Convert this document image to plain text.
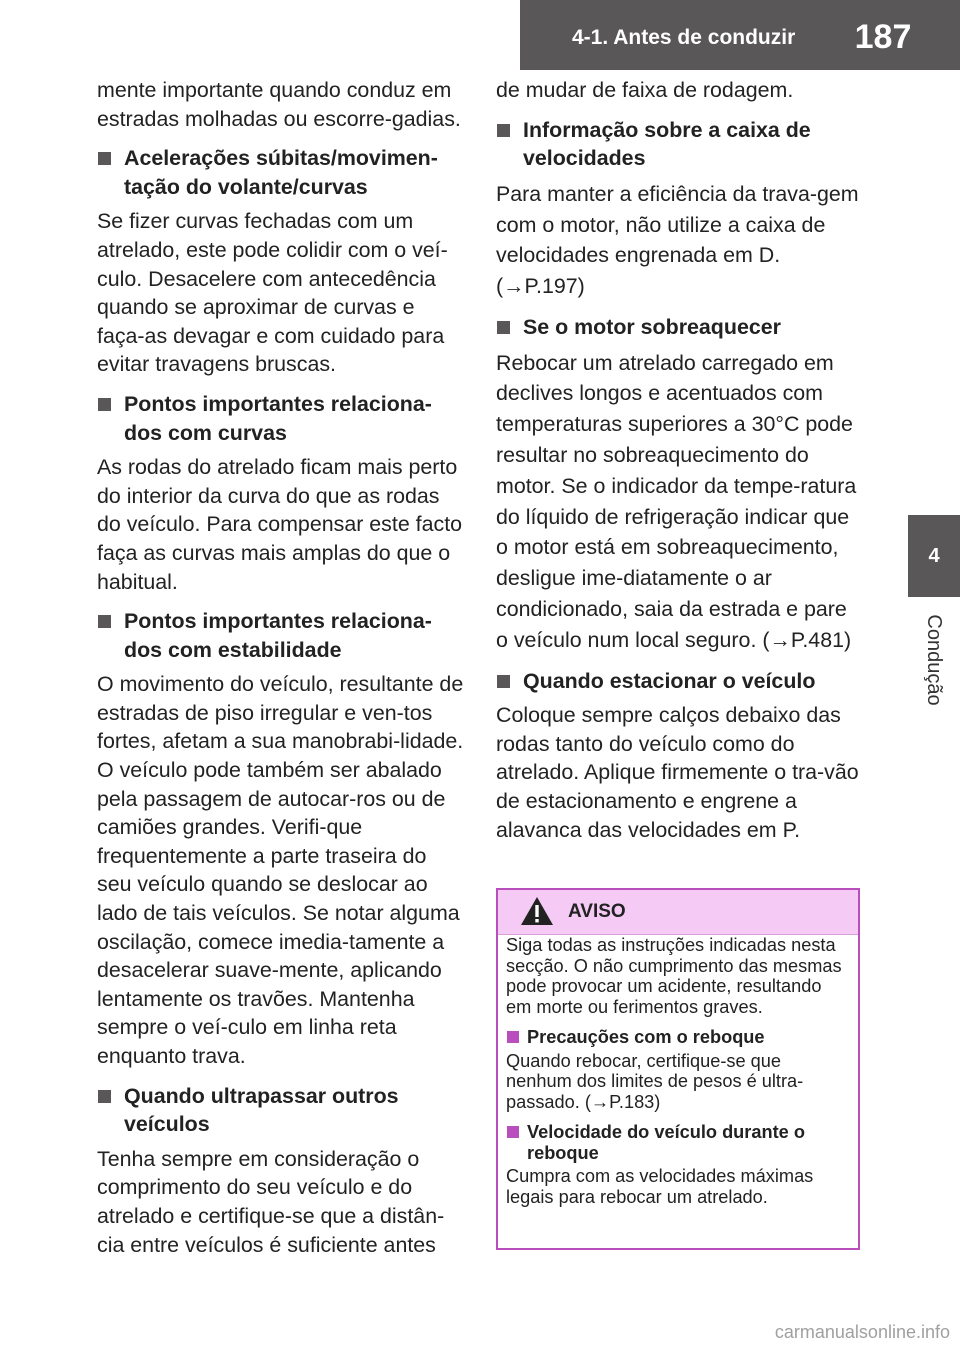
4-1. Antes de conduzir	187
4
Condução

mente importante quando conduz em estradas molhadas ou escorre-gadias.

Acelerações súbitas/movimen-tação do volante/curvas

Se fizer curvas fechadas com um atrelado, este pode colidir com o veí-culo. Desacelere com antecedência quando se aproximar de curvas e faça-as devagar e com cuidado para evitar travagens bruscas.

Pontos importantes relaciona-dos com curvas

As rodas do atrelado ficam mais perto do interior da curva do que as rodas do veículo. Para compensar este facto faça as curvas mais amplas do que o habitual.

Pontos importantes relaciona-dos com estabilidade

O movimento do veículo, resultante de estradas de piso irregular e ven-tos fortes, afetam a sua manobrabi-lidade. O veículo pode também ser abalado pela passagem de autocar-ros ou de camiões grandes. Verifi-que frequentemente a parte traseira do seu veículo quando se deslocar ao lado de tais veículos. Se notar alguma oscilação, comece imedia-tamente a desacelerar suave-mente, aplicando lentamente os travões. Mantenha sempre o veí-culo em linha reta enquanto trava.

Quando ultrapassar outros veículos

Tenha sempre em consideração o comprimento do seu veículo e do atrelado e certifique-se que a distân-cia entre veículos é suficiente antes

de mudar de faixa de rodagem.

Informação sobre a caixa de velocidades

Para manter a eficiência da trava-gem com o motor, não utilize a caixa de velocidades engrenada em D. (→P.197)

Se o motor sobreaquecer

Rebocar um atrelado carregado em declives longos e acentuados com temperaturas superiores a 30°C pode resultar no sobreaquecimento do motor. Se o indicador da tempe-ratura do líquido de refrigeração indicar que o motor está em sobreaquecimento, desligue ime-diatamente o ar condicionado, saia da estrada e pare o veículo num local seguro. (→P.481)

Quando estacionar o veículo

Coloque sempre calços debaixo das rodas tanto do veículo como do atrelado. Aplique firmemente o tra-vão de estacionamento e engrene a alavanca das velocidades em P.

AVISO

Siga todas as instruções indicadas nesta secção. O não cumprimento das mesmas pode provocar um acidente, resultando em morte ou ferimentos graves.

Precauções com o reboque

Quando rebocar, certifique-se que nenhum dos limites de pesos é ultra-passado. (→P.183)

Velocidade do veículo durante o reboque

Cumpra com as velocidades máximas legais para rebocar um atrelado.

carmanualsonline.info
